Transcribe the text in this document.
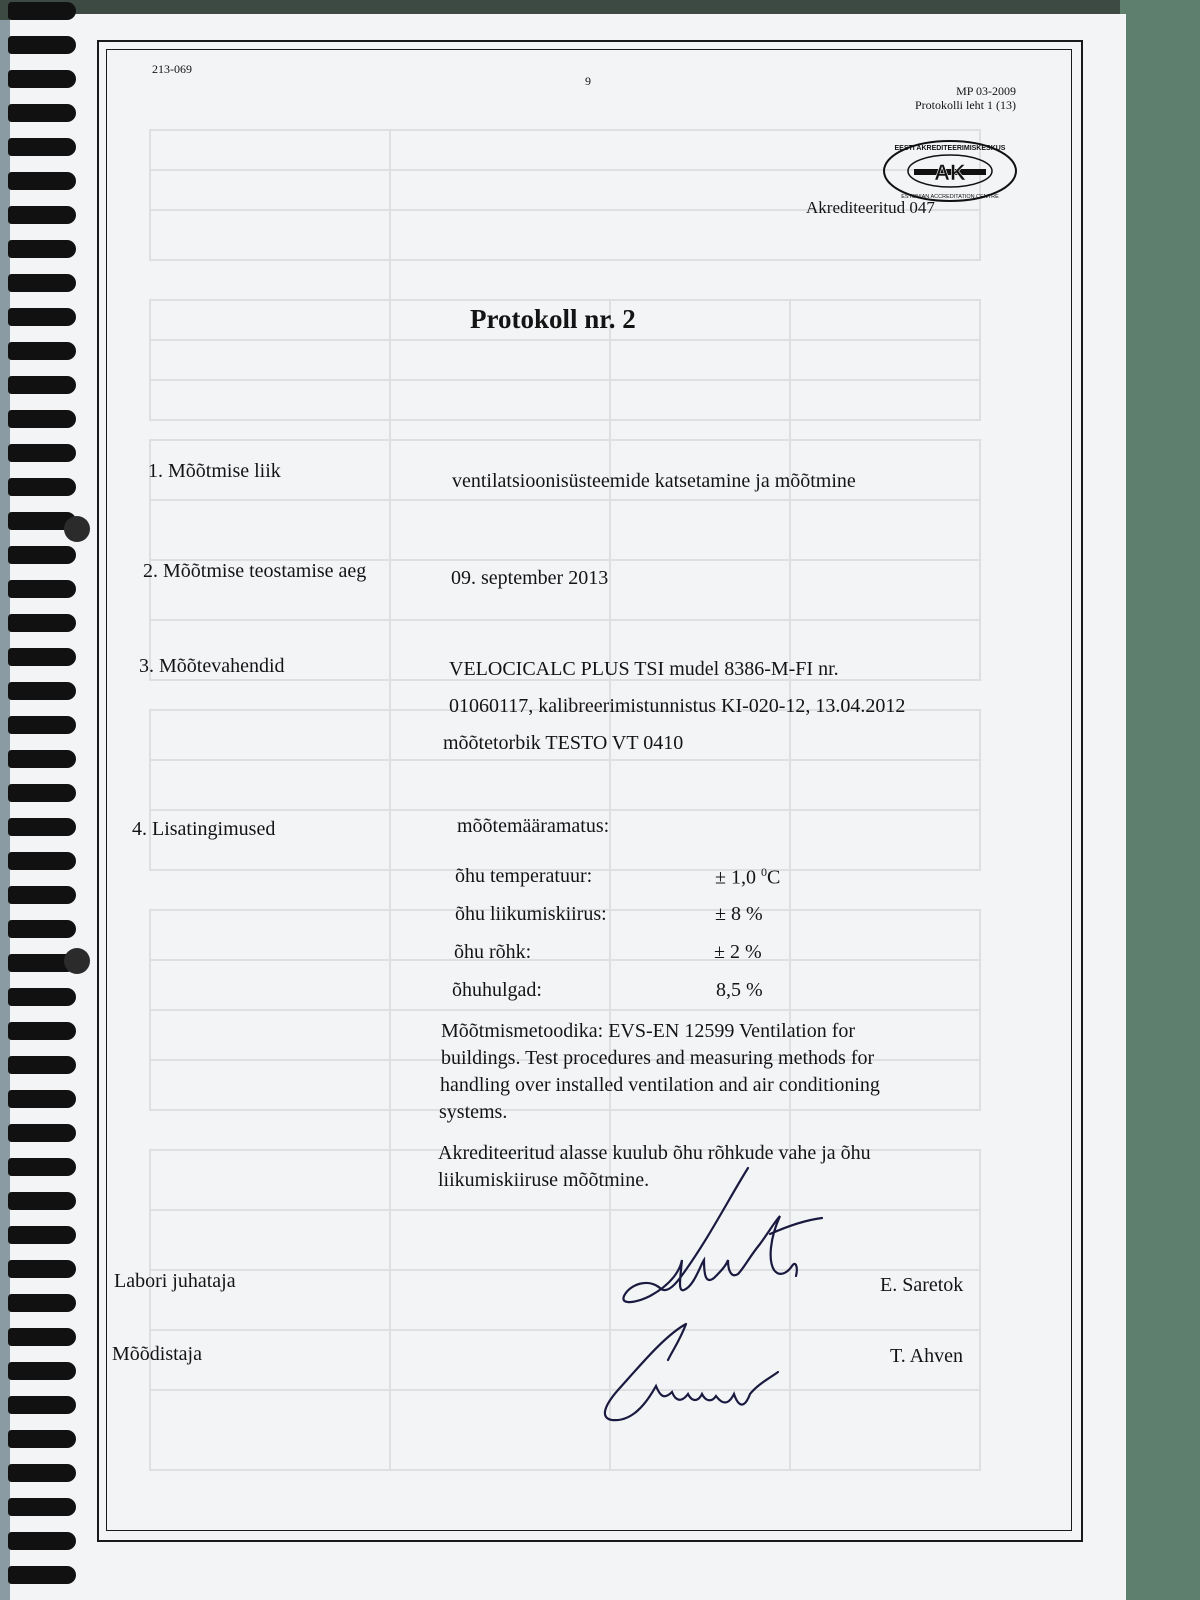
213-069
9
MP 03-2009
Protokolli leht 1 (13)
AK
EESTI AKREDITEERIMISKESKUS
ESTONIAN ACCREDITATION CENTRE
Akrediteeritud 047
Protokoll nr. 2
1. Mõõtmise liik	ventilatsioonisüsteemide katsetamine ja mõõtmine
2. Mõõtmise teostamise aeg	09. september 2013
3. Mõõtevahendid	VELOCICALC PLUS TSI mudel 8386-M-FI nr.
01060117, kalibreerimistunnistus KI-020-12, 13.04.2012
mõõtetorbik TESTO VT 0410
4. Lisatingimused	mõõtemääramatus:
õhu temperatuur:	± 1,0 $^0$C
õhu liikumiskiirus:	± 8 %
õhu rõhk:	± 2 %
õhuhulgad:	8,5 %
Mõõtmismetoodika: EVS-EN 12599 Ventilation for
buildings. Test procedures and measuring methods for
handling over installed ventilation and air conditioning
systems.
Akrediteeritud alasse kuulub õhu rõhkude vahe ja õhu
liikumiskiiruse mõõtmine.
Labori juhataja	E. Saretok
Mõõdistaja	T. Ahven
